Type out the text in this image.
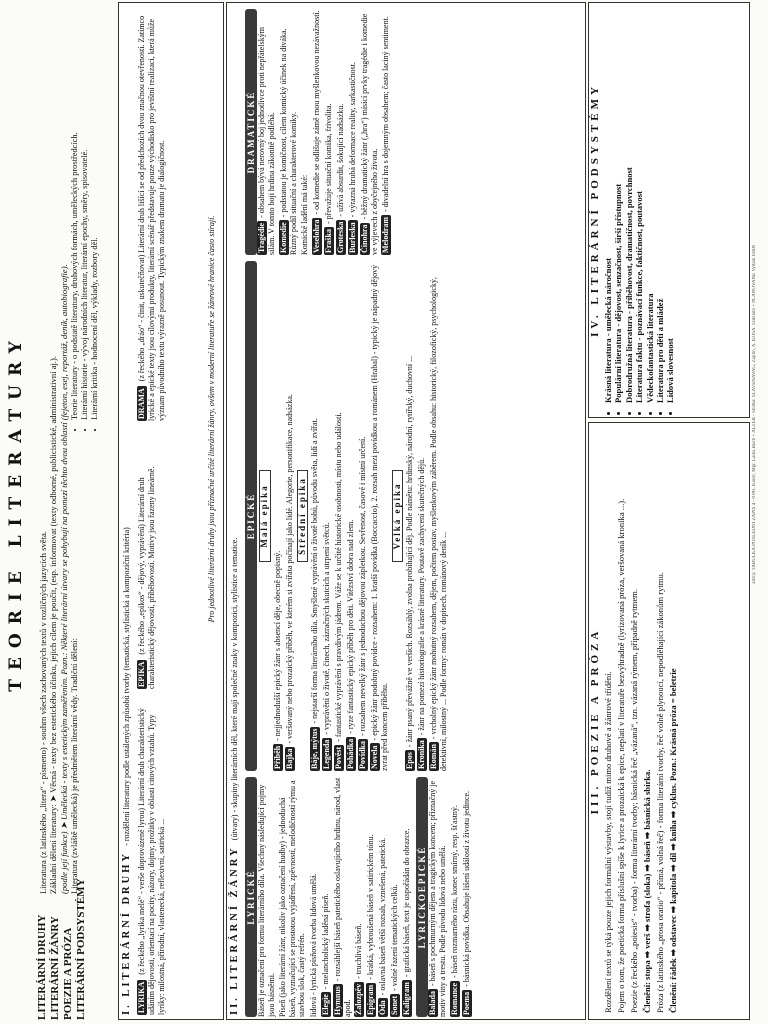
TEORIE LITERATURY
LITERÁRNÍ DRUHY LITERÁRNÍ ŽÁNRY POEZIE A PRÓZA LITERÁRNÍ PODSYSTÉMY
Literatura (z latinského „litera“ - písmeno) - souhrn všech zachovaných textů v rozličných jazycích světa. Základní dělení literatury: ➤ Věcná - texty bez estetického účinku, jejich cílem je poučit, (esp. informovat (texty odborné, publicistické, administrativní aj.). (podle její funkce) ➤ Umělecká - texty s estetickým zaměřením. Pozn.: Některé literární útvary se pohybují na pomezí těchto dvou oblastí (fejeton, esej, reportáž, deník, autobiografie). Literatura (zvláště umělecká) je předmětem literární vědy. Tradiční dělení:
• Teorie literatury - o podstatě literatury, druhových formách, uměleckých prostředcích. • Literární historie - vývoj národních literatur, literární epochy, směry, spisovatelé. • Literární kritika - hodnocení děl, výklady, rozbory děl.
I. LITERÁRNÍ DRUHY - rozdělení literatury podle ustálených způsobů tvorby (tematická, stylistická a kompoziční kritéria)
LYRIKA (z řeckého „lyrika melé“ - verše doprovázené lyrou) Literární druh charakteristický udáním dějovosti, orientací na pocity, názory, dojmy, prožitky v oblasti citových vztahů. Typy lyriky: milostná, přírodní, vlastenecká, reflexivní, satirická ...
EPIKA (z řeckého „epikos“ - dějový, vyprávění) Literární druh charakteristický dějovostí, příběhovostí. Motivy jsou řazeny lineárně.
DRAMA (z řeckého „dráo“ - činit, uskutečňovat) Literární druh lišící se od předchozích dvou značnou otevřeností. Zatímco lyrické a epické texty jsou cílovými produkty, literární scénář představuje pouze východisko pro jevištní realizaci, která může význam původního textu výrazně posunout. Typickým znakem dramatu je dialogičnost.	Pro jednotlivé literární druhy jsou příznačné určité literární žánry, ovšem v moderní literatuře se žánrové hranice často stírají.
II. LITERÁRNÍ ŽÁNRY (útvary) - skupiny literárních děl, které mají společné znaky v kompozici, stylistice a tematice.
LYRICKÉ Báseň je označení pro formu literárního díla. Všechny následující pojmy jsou básněmi. Píseň (jako literární žánr, nikoliv jako označení hudby) - jednoduchá báseň, vyznačující se prostotou vyjádření, zpěvností, melodičností rýmu a stavbou slok, častý refrén. lidová - lyrická písňová tvorba lidová umělá. Elegie- melancholický laděná píseň.

Hymnus- rozsáhlejší báseň patetického oslavujícího hrdinu, národ, vlast apod. Žalozpěv- truchlivá báseň.

Epigram- krátká, vybroušená báseň v satirickém tónu.

Óda- oslavná báseň větší rozsah, vznešená, patetická.

Sonet- volné řazení tematických celků.

Kaligram- grafická báseň, text je uspořádán do obrazce. LYRICKOEPICKÉ

Balada- báseň s pochmurným dějem a tragickým koncem; příznačný je motiv viny a trestu. Podle původu lidová nebo umělá. Romance- báseň rozmarného rázu, konec smírný, resp. šťastný.

Poema- básnická povídka. Obsahuje lišení událostí z životu jedince.

EPICKÉ Malá epika

Příběh- nejjednodušší epický žánr s absencí děje, obecně popisný.

Bajka- veršovaný nebo prozaický příběh, ve kterém si zvířata počínají jako lidé. Alegorie, personifikace, nadsázka. Střední epika

Báje, mýtus- nejstarší forma literárního díla. Smyšlené vyprávění o životě bohů, původu světa, lidí a zvířat.

Legenda- vyprávění o životě, činech, zázračných skutcích a utrpení světců.

Pověst- fantastické vyprávění s pravdivým jádrem. Váže se k určité historické osobnosti, místu nebo události.

Pohádka- ryze fantastický epický příběh pro děti. Vítězství dobra nad zlem.

Povídka- rozsahem nevelký žánr s jednoduchou dějovou zápletkou. Sevřenost, časové i místní určení.

Novela- epický žánr podobný povídce - rozsahem: 1. kratší povídka (Boccaccio), 2. rozsah mezi povídkou a románem (Hrabal) - typický je nápadný dějový zvrat před koncem příběhu.

Velká epika

Epos- žánr psaný převážně ve verších. Rozsáhlý, zvolna probíhající děj. Podle námětu: hrdinský, národní, rytířský, duchovní ...

Kronika- žánr na pomezí historiografie a krásné literatury. Poutavě zachycení skutečných dějů.

Román- vrcholný epický žánr mohutný rozsahem, dějem, počtem postav, myšlenkovým záběrem. Podle obsahu: historický, filozofický, psychologický, detektivní, milostný ... Podle formy: román v dopisech, románový deník ...

DRAMATICKÉ

Tragédie- obsahem bývá nerovný boj jednotlivce proti nepřátelským silám. V tomto boji hrdina zákonitě podléhá. Komedie- podstatou je komičnost, cílem komický účinek na diváka. Různý podíl situační a charakterové komiky. Komické ladění má také: Veselohra- od komedie se odlišuje zámě rnou myšlenkovou nezávažností.

Fraška- převažuje situační komika, frivolita.

Groteska- užívá absurdit, šokující nadsázku.

Burleska- výrazná hrubá deformace reality, sarkastičnost.

Činohra- běžný dramatický žánr („hra“) mísící prvky tragédie i komedie ve výjevech z obyčejného života. Melodram- divadelní hra s dojemným obsahem; často laciný sentiment.

III. POEZIE A PRÓZA Rozdělení textů se týká pouze jejich formální výstavby, stojí tudíž mimo druhové a žánrové třídění. Pojem o tom, že poetická forma příslušní spíše k lyrice a prozaická k epice, neplatí v literatuře bezvýhradně (lyrizovaná próza, veršovaná kronika ...). Poezie (z řeckého „poiesis“ - tvorba) - forma literární tvorby; básnická řeč „vázaná“, tzn. vázaná rýmem, případně rytmem. Členění: stopa ➡ verš ➡ strofa (sloka) ➡ báseň ➡ básnická sbírka. Próza (z latinského „prosa oratio“ - přímá, volná řeč) - forma literární tvorby, řeč volně plynoucí, nepodléhající zákonům rytmu. Členění: řádek ➡ odstavec ➡ kapitola ➡ díl ➡ kniha ➡ cyklus. Pozn.: Krásná próza = beletrie

IV. LITERÁRNÍ PODSYSTÉMY • Krásná literatura - umělecká náročnost • Populární literatura - dějovost, senzačnost, širší přístupnost • Dobrodružná literatura - příběhovost, dramatičnost, povrchnost • Literatura faktu - poznávací funkce, faktičnost, poutavost • Vědeckofantastická literatura • Literatura pro děti a mládež • Lidová slovesnost	Zdroj: TABULKA POSLEDNÍ ZÁPIS 4 - 8 PH. Kacer, Mgr. Ladia Buch + ALTER - Sbírka: SLAVĚNAVAG, Zajiho, A. KOSA. vzdělání + PLANOVANÉ Vydání ISBN
